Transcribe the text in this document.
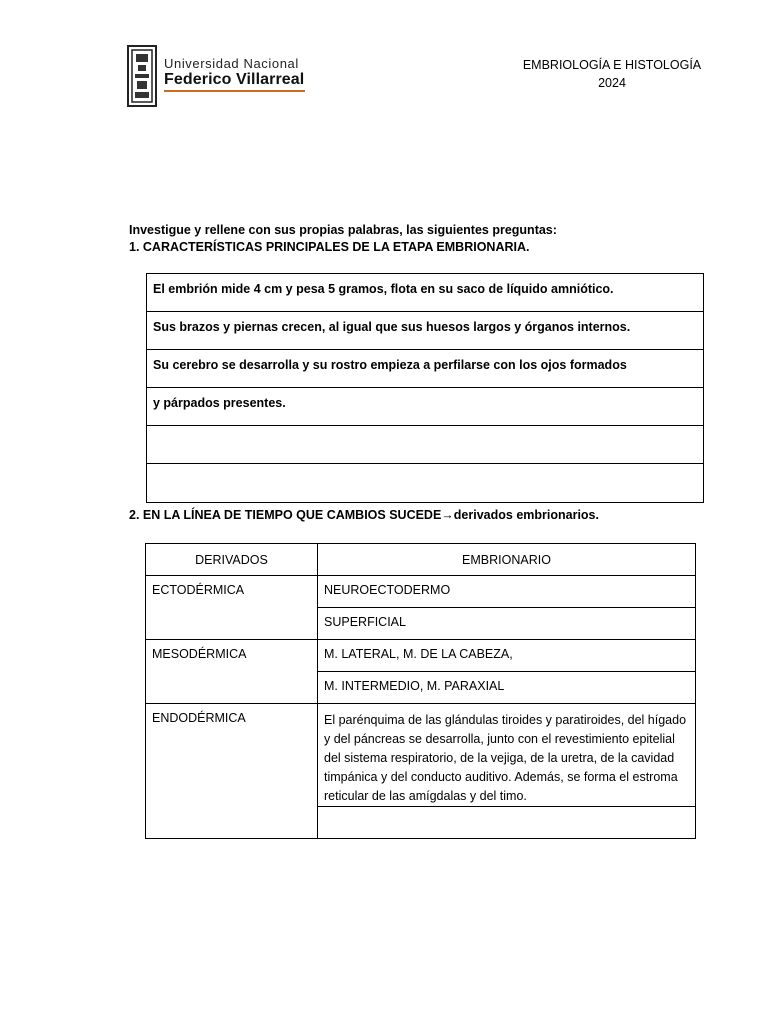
Universidad Nacional
Federico Villarreal
EMBRIOLOGÍA E HISTOLOGÍA
2024
Investigue y rellene con sus propias palabras, las siguientes preguntas:
1. CARACTERÍSTICAS PRINCIPALES DE LA ETAPA EMBRIONARIA.
El embrión mide 4 cm y pesa 5 gramos, flota en su saco de líquido amniótico.
Sus brazos y piernas crecen, al igual que sus huesos largos y órganos internos.
Su cerebro se desarrolla y su rostro empieza a perfilarse con los ojos formados
y párpados presentes.
2. EN LA LÍNEA DE TIEMPO QUE CAMBIOS SUCEDE→derivados embrionarios.
DERIVADOS	EMBRIONARIO
ECTODÉRMICA	NEUROECTODERMO
	SUPERFICIAL
MESODÉRMICA	M. LATERAL, M. DE LA CABEZA,
	M. INTERMEDIO, M. PARAXIAL
ENDODÉRMICA	El parénquima de las glándulas tiroides y paratiroides, del hígado y del páncreas se desarrolla, junto con el revestimiento epitelial del sistema respiratorio, de la vejiga, de la uretra, de la cavidad timpánica y del conducto auditivo. Además, se forma el estroma reticular de las amígdalas y del timo.
